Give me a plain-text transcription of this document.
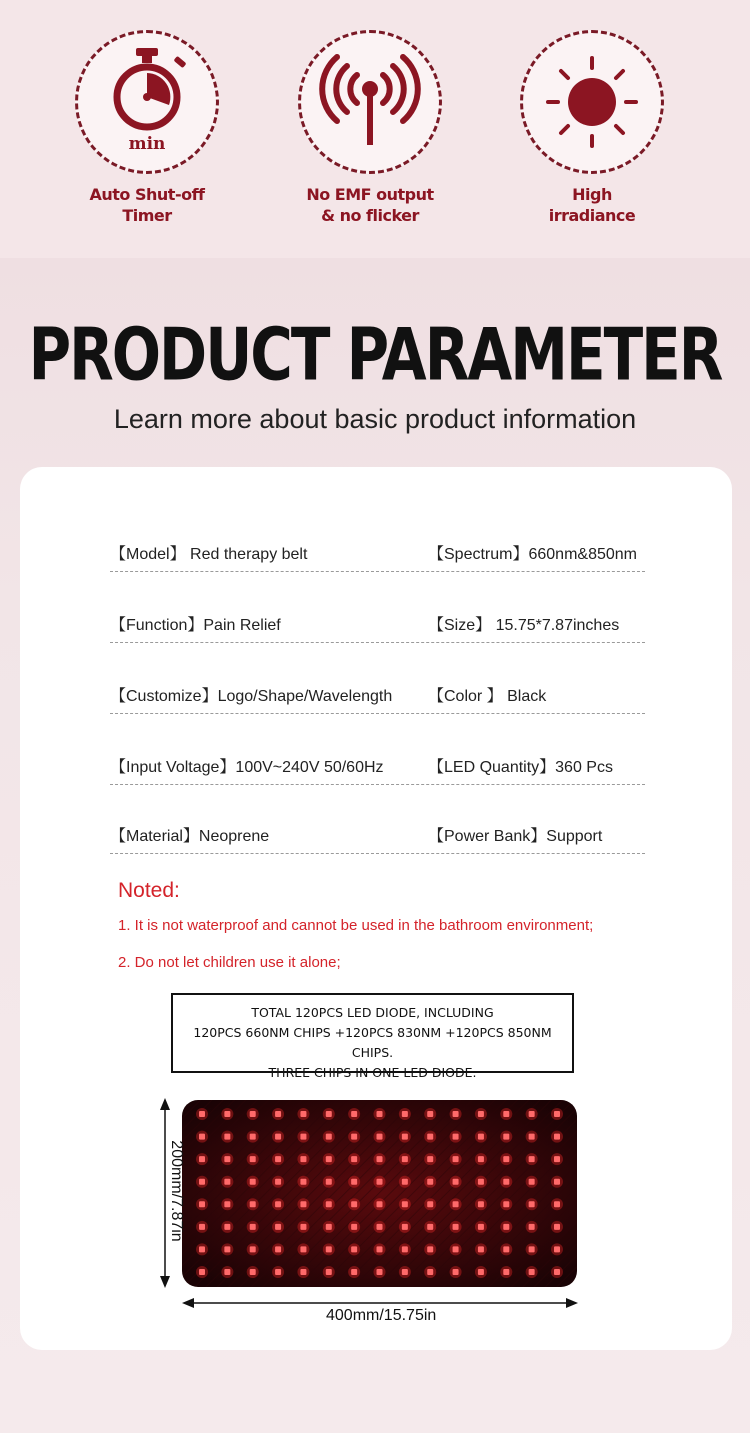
min
Auto Shut-off
Timer
No EMF output
& no flicker
High
irradiance
PRODUCT PARAMETER
Learn more about basic product information
【Model】 Red therapy belt	【Spectrum】660nm&850nm
【Function】Pain Relief	【Size】 15.75*7.87inches
【Customize】Logo/Shape/Wavelength 【Color 】 Black
【Input Voltage】100V~240V 50/60Hz	【LED Quantity】360 Pcs
【Material】Neoprene	【Power Bank】Support
Noted:
1. It is not waterproof and cannot be used in the bathroom environment;
2. Do not let children use it alone;
TOTAL 120PCS LED DIODE, INCLUDING
120PCS 660NM CHIPS +120PCS 830NM +120PCS 850NM CHIPS.
THREE CHIPS IN ONE LED DIODE.
200mm/7.87in
400mm/15.75in
